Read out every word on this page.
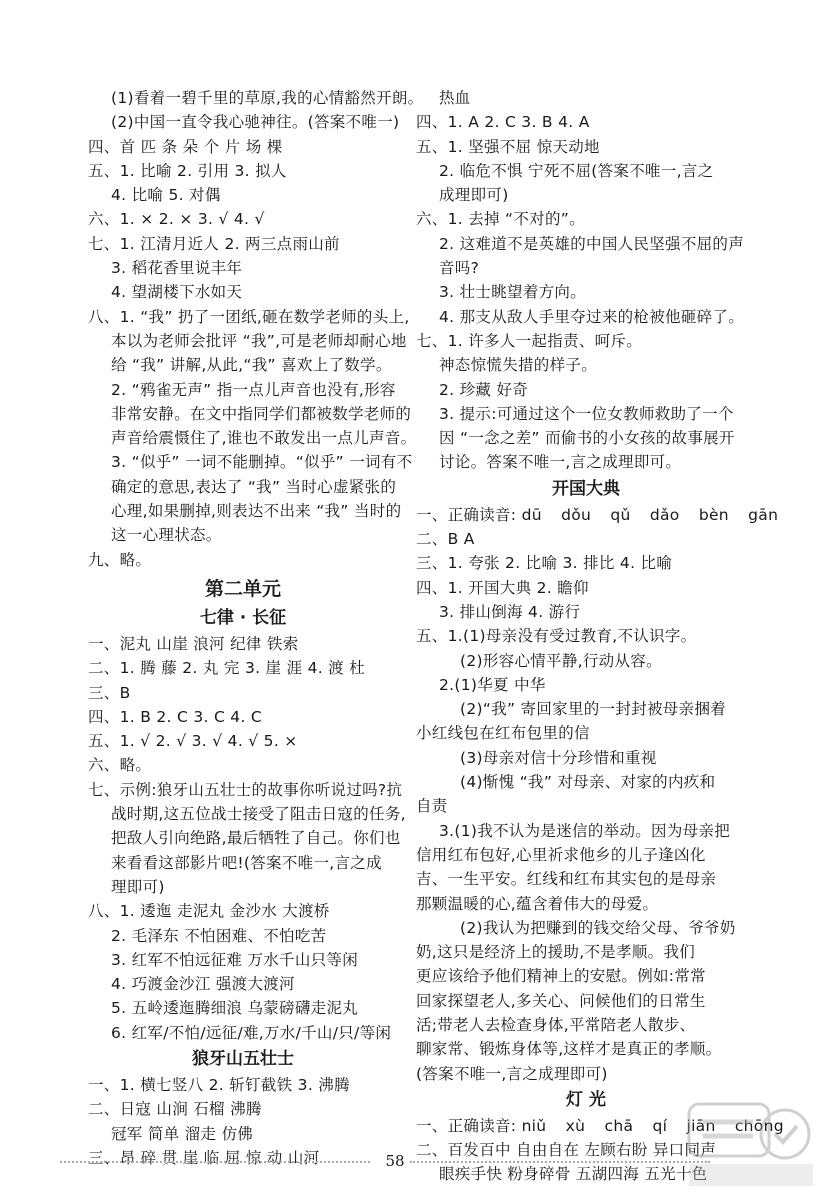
(1)看着一碧千里的草原,我的心情豁然开朗。
(2)中国一直令我心驰神往。(答案不唯一)
四、首 匹 条 朵 个 片 场 棵
五、1. 比喻 2. 引用 3. 拟人
4. 比喻 5. 对偶
六、1. × 2. × 3. √ 4. √
七、1. 江清月近人 2. 两三点雨山前
3. 稻花香里说丰年
4. 望湖楼下水如天
八、1. “我” 扔了一团纸,砸在数学老师的头上,
本以为老师会批评 “我”,可是老师却耐心地
给 “我” 讲解,从此,“我” 喜欢上了数学。
2. “鸦雀无声” 指一点儿声音也没有,形容
非常安静。在文中指同学们都被数学老师的
声音给震慑住了,谁也不敢发出一点儿声音。
3. “似乎” 一词不能删掉。“似乎” 一词有不
确定的意思,表达了 “我” 当时心虚紧张的
心理,如果删掉,则表达不出来 “我” 当时的
这一心理状态。
九、略。
第二单元
七律 · 长征
一、泥丸 山崖 浪河 纪律 铁索
二、1. 腾 藤 2. 丸 完 3. 崖 涯 4. 渡 杜
三、B
四、1. B 2. C 3. C 4. C
五、1. √ 2. √ 3. √ 4. √ 5. ×
六、略。
七、示例:狼牙山五壮士的故事你听说过吗?抗
战时期,这五位战士接受了阻击日寇的任务,
把敌人引向绝路,最后牺牲了自己。你们也
来看看这部影片吧!(答案不唯一,言之成
理即可)
八、1. 逶迤 走泥丸 金沙水 大渡桥
2. 毛泽东 不怕困难、不怕吃苦
3. 红军不怕远征难 万水千山只等闲
4. 巧渡金沙江 强渡大渡河
5. 五岭逶迤腾细浪 乌蒙磅礴走泥丸
6. 红军/不怕/远征/难,万水/千山/只/等闲
狼牙山五壮士
一、1. 横七竖八 2. 斩钉截铁 3. 沸腾
二、日寇 山涧 石榴 沸腾
冠军 简单 溜走 仿佛
三、昂 碎 贯 崖 临 屈 惊 动 山河
热血
四、1. A 2. C 3. B 4. A
五、1. 坚强不屈 惊天动地
2. 临危不惧 宁死不屈(答案不唯一,言之
成理即可)
六、1. 去掉 “不对的”。
2. 这难道不是英雄的中国人民坚强不屈的声
音吗?
3. 壮士眺望着方向。
4. 那支从敌人手里夺过来的枪被他砸碎了。
七、1. 许多人一起指责、呵斥。
神态惊慌失措的样子。
2. 珍藏 好奇
3. 提示:可通过这个一位女教师救助了一个
因 “一念之差” 而偷书的小女孩的故事展开
讨论。答案不唯一,言之成理即可。
开国大典
一、正确读音: dū dǒu qǔ dǎo bèn gān
二、B A
三、1. 夸张 2. 比喻 3. 排比 4. 比喻
四、1. 开国大典 2. 瞻仰
3. 排山倒海 4. 游行
五、1.(1)母亲没有受过教育,不认识字。
(2)形容心情平静,行动从容。
2.(1)华夏 中华
(2)“我” 寄回家里的一封封被母亲捆着
小红线包在红布包里的信
(3)母亲对信十分珍惜和重视
(4)惭愧 “我” 对母亲、对家的内疚和
自责
3.(1)我不认为是迷信的举动。因为母亲把
信用红布包好,心里祈求他乡的儿子逢凶化
吉、一生平安。红线和红布其实包的是母亲
那颗温暖的心,蕴含着伟大的母爱。
(2)我认为把赚到的钱交给父母、爷爷奶
奶,这只是经济上的援助,不是孝顺。我们
更应该给予他们精神上的安慰。例如:常常
回家探望老人,多关心、问候他们的日常生
活;带老人去检查身体,平常陪老人散步、
聊家常、锻炼身体等,这样才是真正的孝顺。
(答案不唯一,言之成理即可)
灯 光
一、正确读音: niǔ xù chā qí jiān chōng
二、百发百中 自由自在 左顾右盼 异口同声
眼疾手快 粉身碎骨 五湖四海 五光十色
58
